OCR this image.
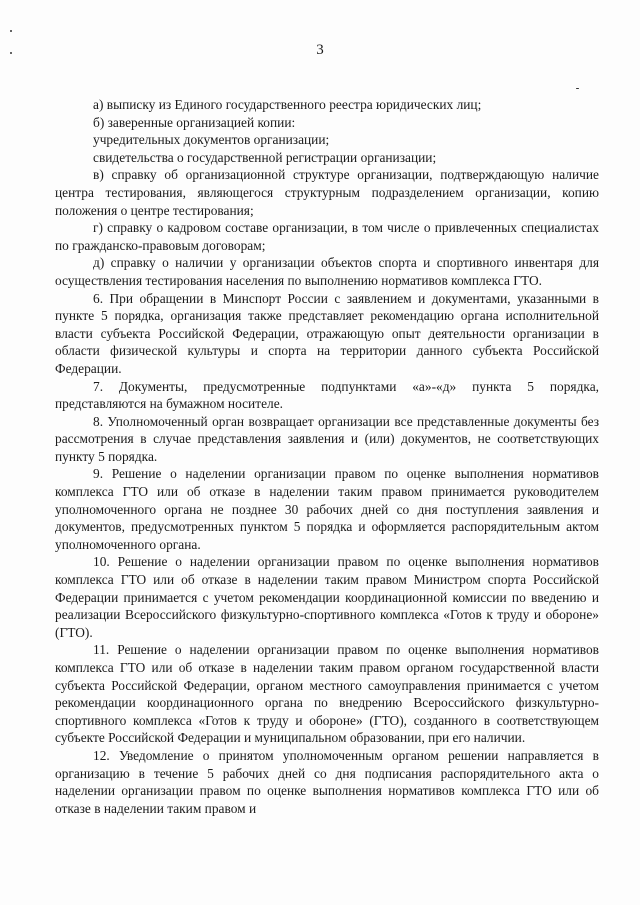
3

а) выписку из Единого государственного реестра юридических лиц;

б) заверенные организацией копии:

учредительных документов организации;

свидетельства о государственной регистрации организации;

в) справку об организационной структуре организации, подтверждающую наличие центра тестирования, являющегося структурным подразделением организации, копию положения о центре тестирования;

г) справку о кадровом составе организации, в том числе о привлеченных специалистах по гражданско-правовым договорам;

д) справку о наличии у организации объектов спорта и спортивного инвентаря для осуществления тестирования населения по выполнению нормативов комплекса ГТО.

6. При обращении в Минспорт России с заявлением и документами, указанными в пункте 5 порядка, организация также представляет рекомендацию органа исполнительной власти субъекта Российской Федерации, отражающую опыт деятельности организации в области физической культуры и спорта на территории данного субъекта Российской Федерации.

7. Документы, предусмотренные подпунктами «а»-«д» пункта 5 порядка, представляются на бумажном носителе.

8. Уполномоченный орган возвращает организации все представленные документы без рассмотрения в случае представления заявления и (или) документов, не соответствующих пункту 5 порядка.

9. Решение о наделении организации правом по оценке выполнения нормативов комплекса ГТО или об отказе в наделении таким правом принимается руководителем уполномоченного органа не позднее 30 рабочих дней со дня поступления заявления и документов, предусмотренных пунктом 5 порядка и оформляется распорядительным актом уполномоченного органа.

10. Решение о наделении организации правом по оценке выполнения нормативов комплекса ГТО или об отказе в наделении таким правом Министром спорта Российской Федерации принимается с учетом рекомендации координационной комиссии по введению и реализации Всероссийского физкультурно-спортивного комплекса «Готов к труду и обороне» (ГТО).

11. Решение о наделении организации правом по оценке выполнения нормативов комплекса ГТО или об отказе в наделении таким правом органом государственной власти субъекта Российской Федерации, органом местного самоуправления принимается с учетом рекомендации координационного органа по внедрению Всероссийского физкультурно-спортивного комплекса «Готов к труду и обороне» (ГТО), созданного в соответствующем субъекте Российской Федерации и муниципальном образовании, при его наличии.

12. Уведомление о принятом уполномоченным органом решении направляется в организацию в течение 5 рабочих дней со дня подписания распорядительного акта о наделении организации правом по оценке выполнения нормативов комплекса ГТО или об отказе в наделении таким правом и
